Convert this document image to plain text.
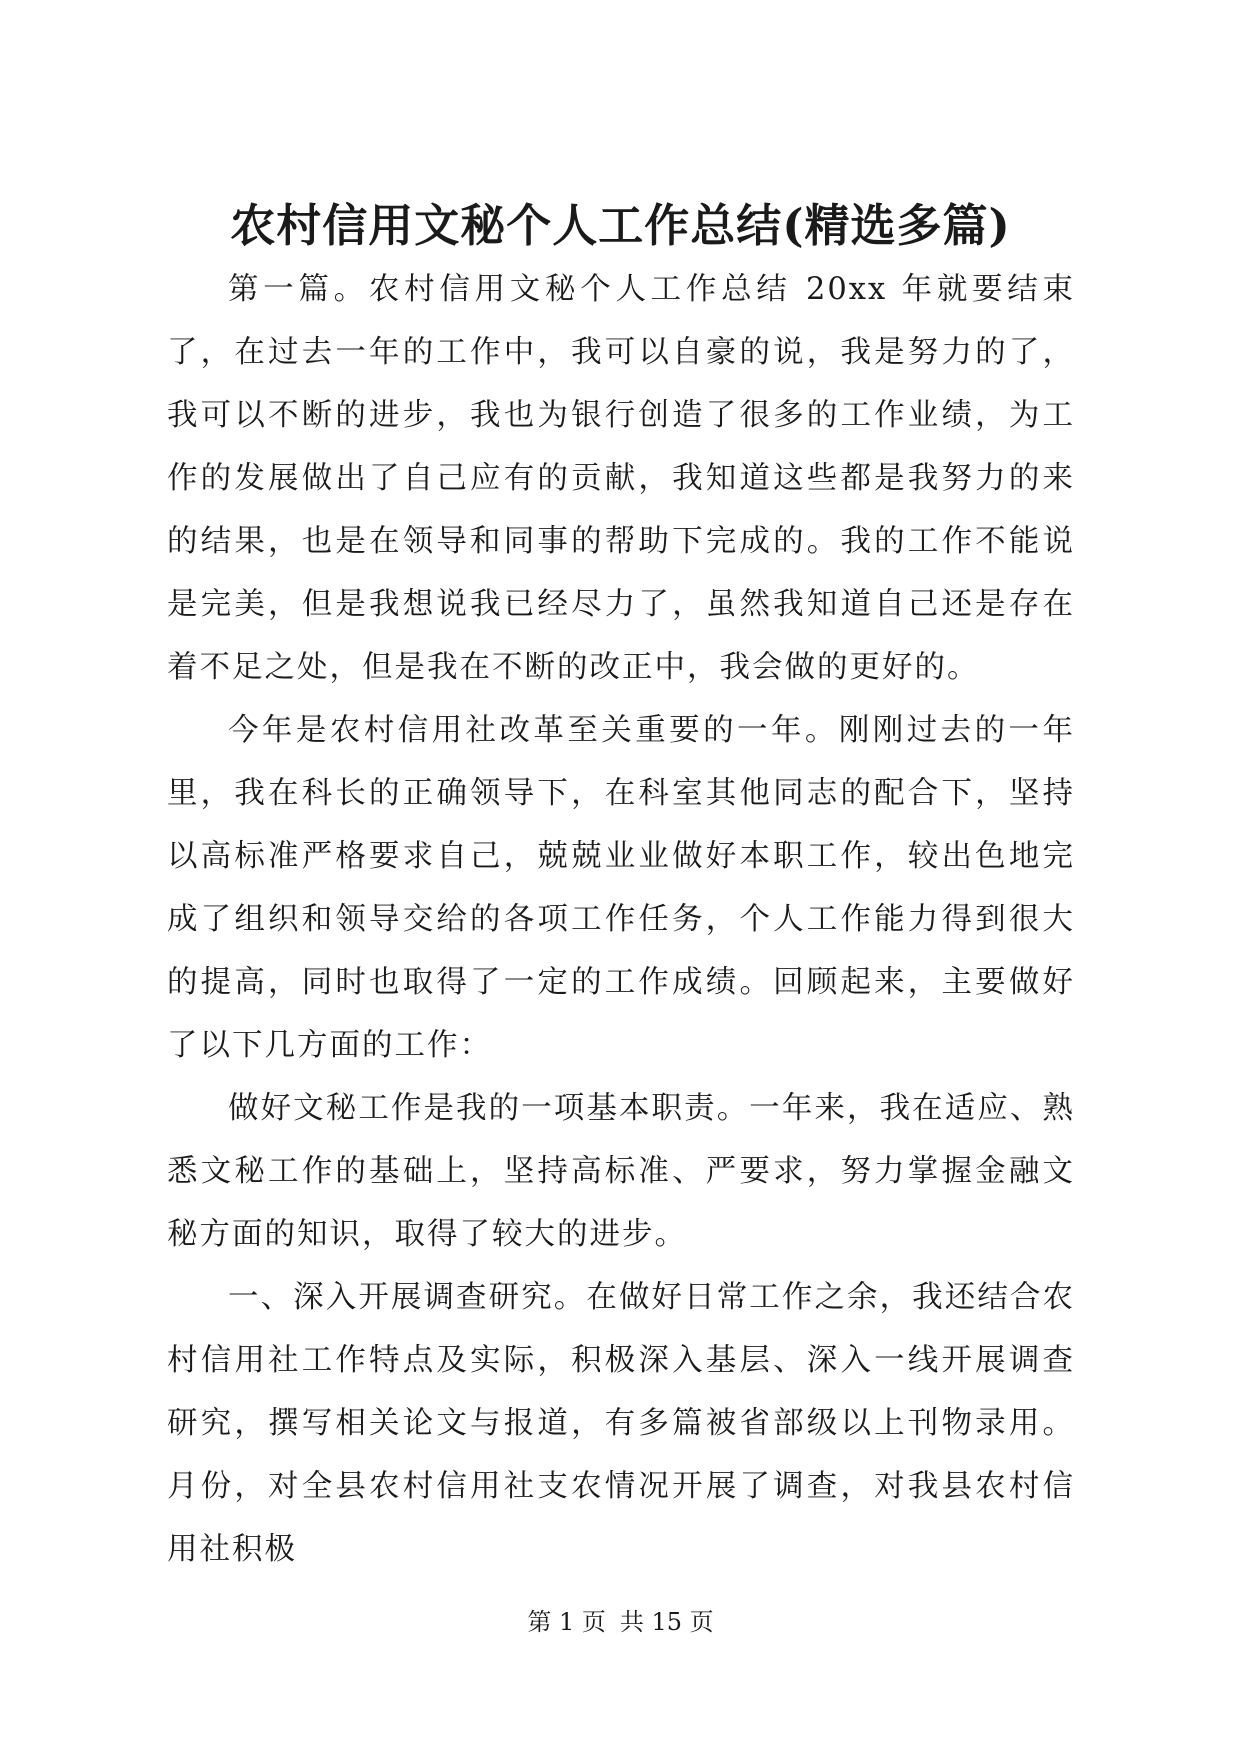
农村信用文秘个人工作总结(精选多篇)

第一篇。农村信用文秘个人工作总结 20xx 年就要结束了，在过去一年的工作中，我可以自豪的说，我是努力的了，我可以不断的进步，我也为银行创造了很多的工作业绩，为工作的发展做出了自己应有的贡献，我知道这些都是我努力的来的结果，也是在领导和同事的帮助下完成的。我的工作不能说是完美，但是我想说我已经尽力了，虽然我知道自己还是存在着不足之处，但是我在不断的改正中，我会做的更好的。

今年是农村信用社改革至关重要的一年。刚刚过去的一年里，我在科长的正确领导下，在科室其他同志的配合下，坚持以高标准严格要求自己，兢兢业业做好本职工作，较出色地完成了组织和领导交给的各项工作任务，个人工作能力得到很大的提高，同时也取得了一定的工作成绩。回顾起来，主要做好了以下几方面的工作：

做好文秘工作是我的一项基本职责。一年来，我在适应、熟悉文秘工作的基础上，坚持高标准、严要求，努力掌握金融文秘方面的知识，取得了较大的进步。

一、深入开展调查研究。在做好日常工作之余，我还结合农村信用社工作特点及实际，积极深入基层、深入一线开展调查研究，撰写相关论文与报道，有多篇被省部级以上刊物录用。月份，对全县农村信用社支农情况开展了调查，对我县农村信用社积极

第 1 页 共 15 页
